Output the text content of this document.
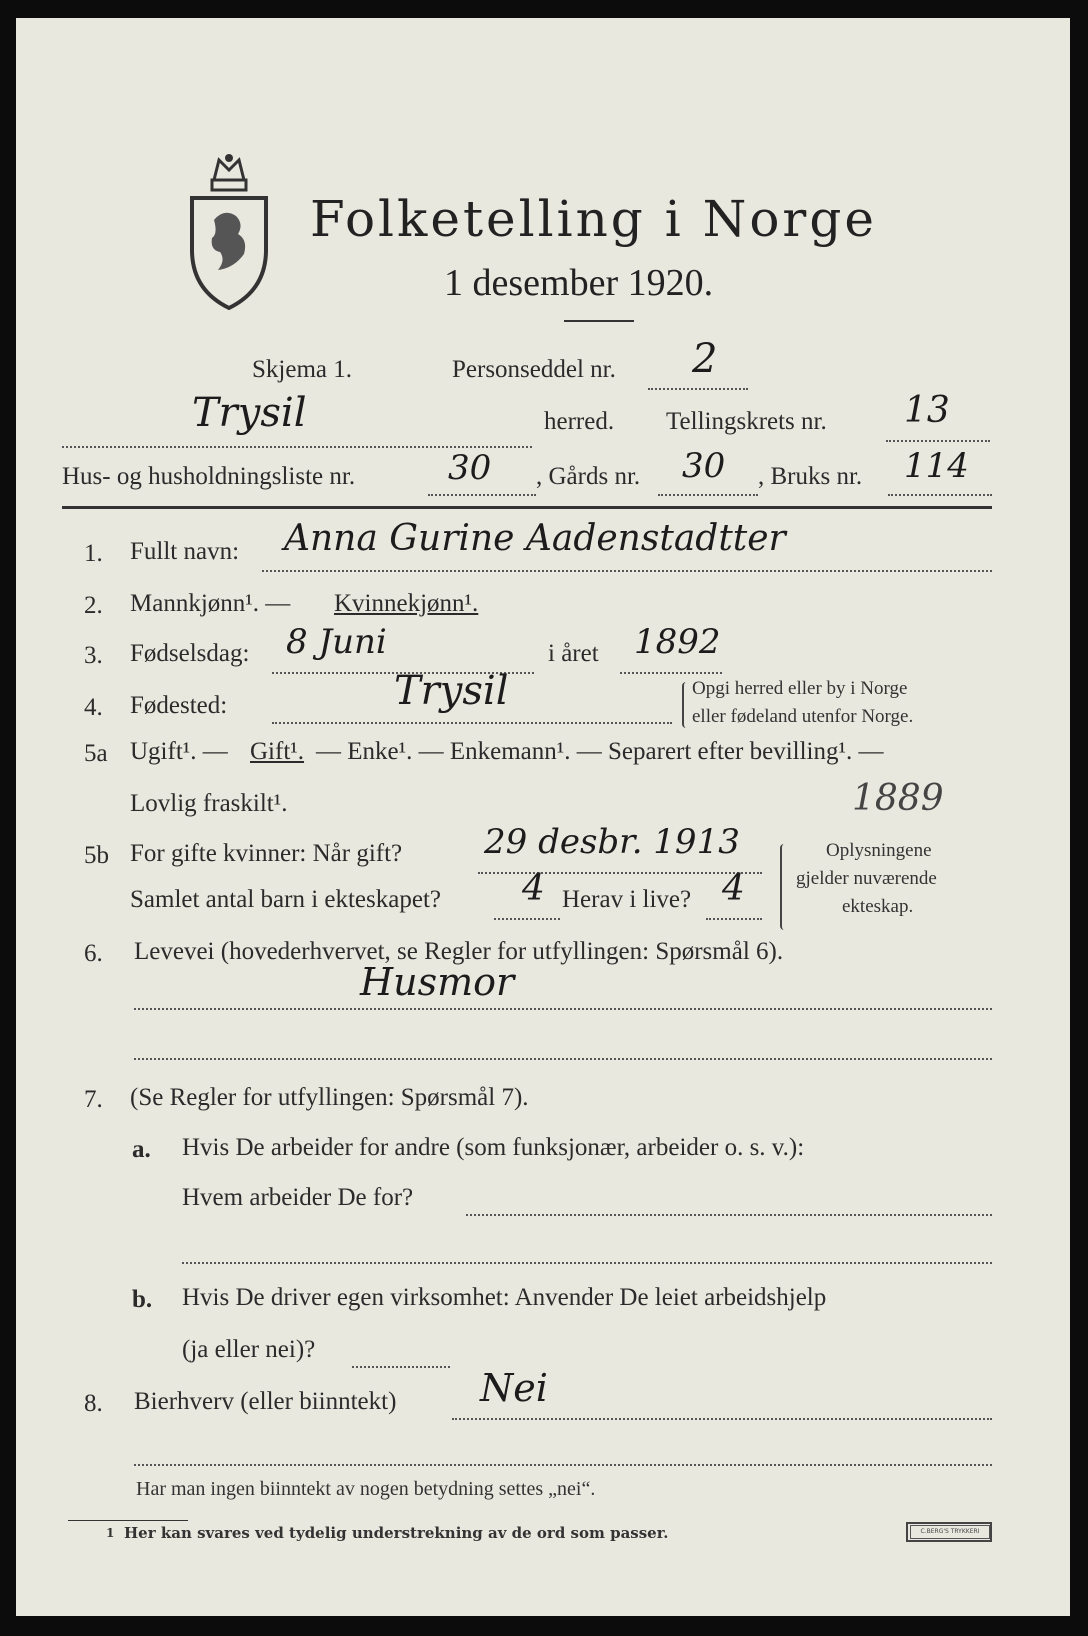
Folketelling i Norge
1 desember 1920.
Skjema 1.	Personseddel nr. 2
Trysil	herred. Tellingskrets nr. 13
Hus- og husholdningsliste nr.	30 , Gårds nr. 30 , Bruks nr. 114
1. Fullt navn: Anna Gurine Aadenstadtter
2. Mannkjønn¹. — Kvinnekjønn¹.
3. Fødselsdag: 8 Juni	i året 1892
4. Fødested:	Trysil	Opgi herred eller by i Norge
eller fødeland utenfor Norge.
5a Ugift¹. — Gift¹. — Enke¹. — Enkemann¹. — Separert efter bevilling¹. —
Lovlig fraskilt¹.	1889
5b For gifte kvinner: Når gift? 29 desbr. 1913
Samlet antal barn i ekteskapet? 4 Herav i live? 4
Oplysningene
gjelder nuværende
ekteskap.
6. Levevei (hovederhvervet, se Regler for utfyllingen: Spørsmål 6).
Husmor
7. (Se Regler for utfyllingen: Spørsmål 7).
a. Hvis De arbeider for andre (som funksjonær, arbeider o. s. v.):
Hvem arbeider De for?
b. Hvis De driver egen virksomhet: Anvender De leiet arbeidshjelp
(ja eller nei)?
8. Bierhverv (eller biinntekt) Nei
Har man ingen biinntekt av nogen betydning settes „nei“.
1 Her kan svares ved tydelig understrekning av de ord som passer.	C.BERG'S TRYKKERI
